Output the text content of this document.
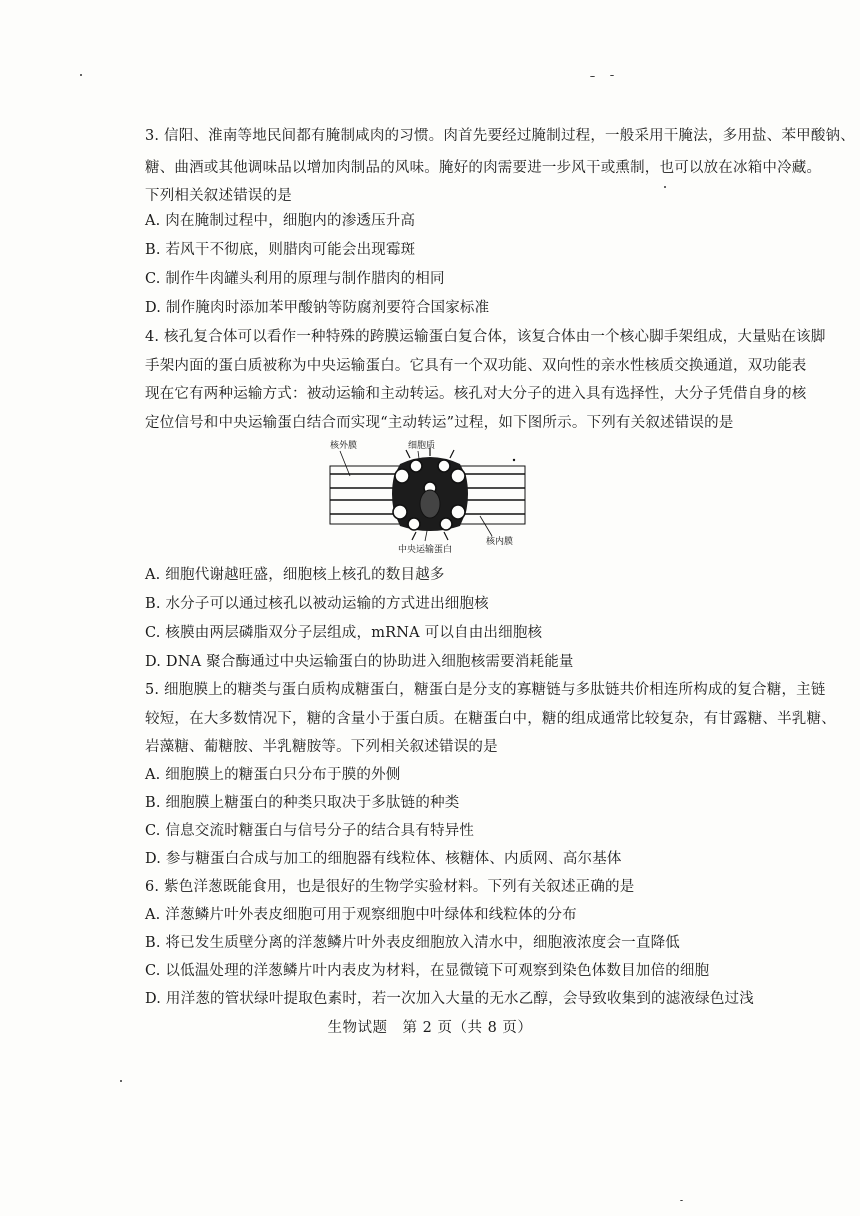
3. 信阳、淮南等地民间都有腌制咸肉的习惯。肉首先要经过腌制过程，一般采用干腌法，多用盐、苯甲酸钠、
糖、曲酒或其他调味品以增加肉制品的风味。腌好的肉需要进一步风干或熏制，也可以放在冰箱中冷藏。
下列相关叙述错误的是
A. 肉在腌制过程中，细胞内的渗透压升高
B. 若风干不彻底，则腊肉可能会出现霉斑
C. 制作牛肉罐头利用的原理与制作腊肉的相同
D. 制作腌肉时添加苯甲酸钠等防腐剂要符合国家标准
4. 核孔复合体可以看作一种特殊的跨膜运输蛋白复合体，该复合体由一个核心脚手架组成，大量贴在该脚
手架内面的蛋白质被称为中央运输蛋白。它具有一个双功能、双向性的亲水性核质交换通道，双功能表
现在它有两种运输方式：被动运输和主动转运。核孔对大分子的进入具有选择性，大分子凭借自身的核
定位信号和中央运输蛋白结合而实现“主动转运”过程，如下图所示。下列有关叙述错误的是
核外膜	细胞质
中央运输蛋白
核内膜
A. 细胞代谢越旺盛，细胞核上核孔的数目越多
B. 水分子可以通过核孔以被动运输的方式进出细胞核
C. 核膜由两层磷脂双分子层组成，mRNA 可以自由出细胞核
D. DNA 聚合酶通过中央运输蛋白的协助进入细胞核需要消耗能量
5. 细胞膜上的糖类与蛋白质构成糖蛋白，糖蛋白是分支的寡糖链与多肽链共价相连所构成的复合糖，主链
较短，在大多数情况下，糖的含量小于蛋白质。在糖蛋白中，糖的组成通常比较复杂，有甘露糖、半乳糖、
岩藻糖、葡糖胺、半乳糖胺等。下列相关叙述错误的是
A. 细胞膜上的糖蛋白只分布于膜的外侧
B. 细胞膜上糖蛋白的种类只取决于多肽链的种类
C. 信息交流时糖蛋白与信号分子的结合具有特异性
D. 参与糖蛋白合成与加工的细胞器有线粒体、核糖体、内质网、高尔基体
6. 紫色洋葱既能食用，也是很好的生物学实验材料。下列有关叙述正确的是
A. 洋葱鳞片叶外表皮细胞可用于观察细胞中叶绿体和线粒体的分布
B. 将已发生质壁分离的洋葱鳞片叶外表皮细胞放入清水中，细胞液浓度会一直降低
C. 以低温处理的洋葱鳞片叶内表皮为材料，在显微镜下可观察到染色体数目加倍的细胞
D. 用洋葱的管状绿叶提取色素时，若一次加入大量的无水乙醇，会导致收集到的滤液绿色过浅
生物试题　第 2 页（共 8 页）
